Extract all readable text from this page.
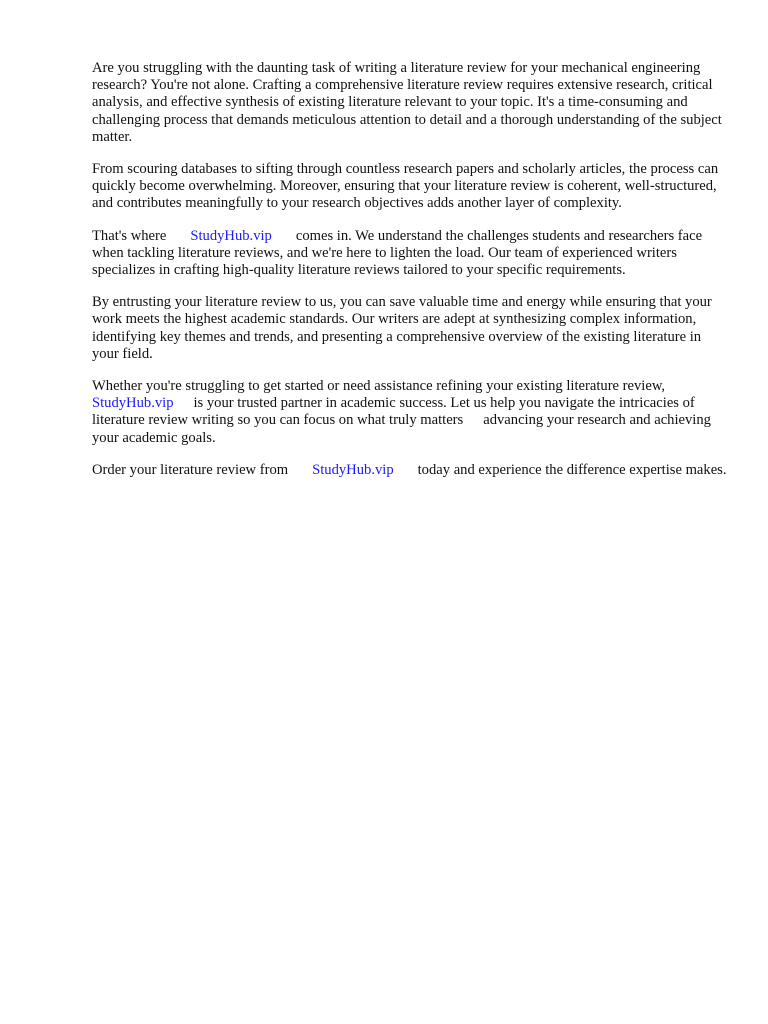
Are you struggling with the daunting task of writing a literature review for your mechanical engineering research? You're not alone. Crafting a comprehensive literature review requires extensive research, critical analysis, and effective synthesis of existing literature relevant to your topic. It's a time-consuming and challenging process that demands meticulous attention to detail and a thorough understanding of the subject matter.

From scouring databases to sifting through countless research papers and scholarly articles, the process can quickly become overwhelming. Moreover, ensuring that your literature review is coherent, well-structured, and contributes meaningfully to your research objectives adds another layer of complexity.

That's where StudyHub.vip comes in. We understand the challenges students and researchers face when tackling literature reviews, and we're here to lighten the load. Our team of experienced writers specializes in crafting high-quality literature reviews tailored to your specific requirements.

By entrusting your literature review to us, you can save valuable time and energy while ensuring that your work meets the highest academic standards. Our writers are adept at synthesizing complex information, identifying key themes and trends, and presenting a comprehensive overview of the existing literature in your field.

Whether you're struggling to get started or need assistance refining your existing literature review, StudyHub.vip is your trusted partner in academic success. Let us help you navigate the intricacies of literature review writing so you can focus on what truly matters advancing your research and achieving your academic goals.

Order your literature review from StudyHub.vip today and experience the difference expertise makes.
